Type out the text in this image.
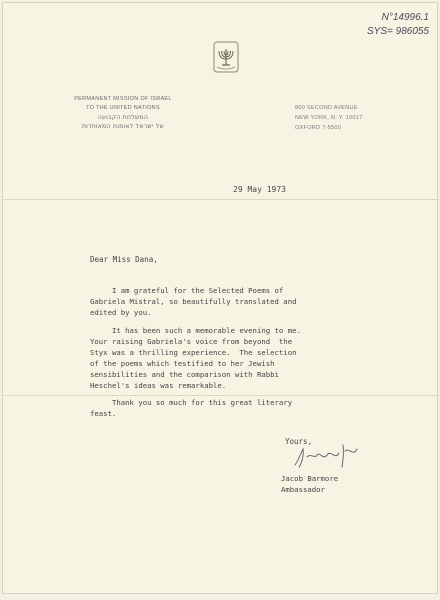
N°14996.1
SYS= 986055
PERMANENT MISSION OF ISRAEL
TO THE UNITED NATIONS
המשלחת הקבועה
של ישראל לאומות המאוחדות
800 SECOND AVENUE
NEW YORK, N. Y. 10017
OXFORD 7-5500
29 May 1973
Dear Miss Dana,
I am grateful for the Selected Poems of
Gabriela Mistral, so beautifully translated and
edited by you.
It has been such a memorable evening to me.
Your raising Gabriela's voice from beyond  the
Styx was a thrilling experience.  The selection
of the poems which testified to her Jewish
sensibilities and the comparison with Rabbi
Heschel's ideas was remarkable.
Thank you so much for this great literary
feast.
Yours,
Jacob Barmore
Ambassador
